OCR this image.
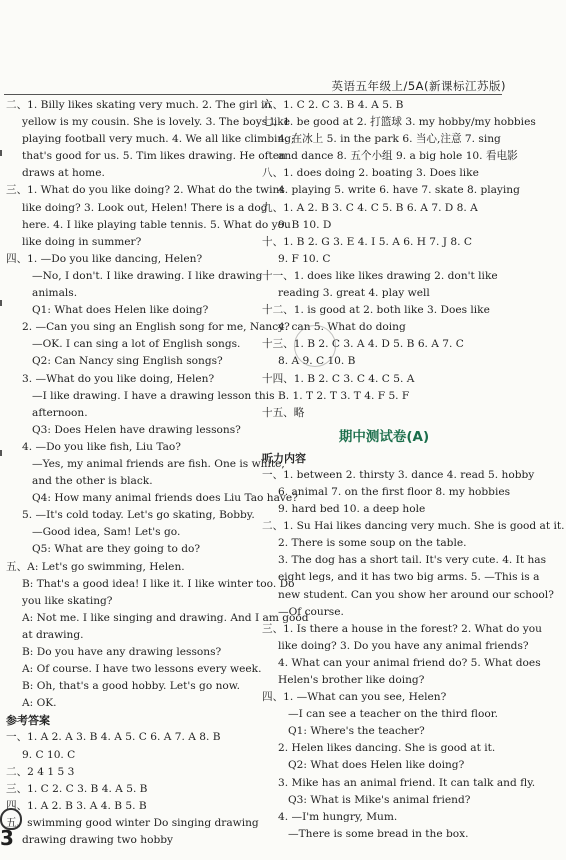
英语五年级上/5A(新课标江苏版)
二、1. Billy likes skating very much. 2. The girl in
yellow is my cousin. She is lovely. 3. The boys like
playing football very much. 4. We all like climbing;
that's good for us. 5. Tim likes drawing. He often
draws at home.
三、1. What do you like doing? 2. What do the twins
like doing? 3. Look out, Helen! There is a dog
here. 4. I like playing table tennis. 5. What do you
like doing in summer?
四、1. —Do you like dancing, Helen?
—No, I don't. I like drawing. I like drawing
animals.
Q1: What does Helen like doing?
2. —Can you sing an English song for me, Nancy?
—OK. I can sing a lot of English songs.
Q2: Can Nancy sing English songs?
3. —What do you like doing, Helen?
—I like drawing. I have a drawing lesson this
afternoon.
Q3: Does Helen have drawing lessons?
4. —Do you like fish, Liu Tao?
—Yes, my animal friends are fish. One is white,
and the other is black.
Q4: How many animal friends does Liu Tao have?
5. —It's cold today. Let's go skating, Bobby.
—Good idea, Sam! Let's go.
Q5: What are they going to do?
五、A: Let's go swimming, Helen.
B: That's a good idea! I like it. I like winter too. Do
you like skating?
A: Not me. I like singing and drawing. And I am good
at drawing.
B: Do you have any drawing lessons?
A: Of course. I have two lessons every week.
B: Oh, that's a good hobby. Let's go now.
A: OK.
参考答案
一、1. A 2. A 3. B 4. A 5. C 6. A 7. A 8. B
9. C 10. C
二、2 4 1 5 3
三、1. C 2. C 3. B 4. A 5. B
四、1. A 2. B 3. A 4. B 5. B
五、swimming good winter Do singing drawing
drawing drawing two hobby
六、1. C 2. C 3. B 4. A 5. B
七、1. be good at 2. 打篮球 3. my hobby/my hobbies
4. 在冰上 5. in the park 6. 当心,注意 7. sing
and dance 8. 五个小组 9. a big hole 10. 看电影
八、1. does doing 2. boating 3. Does like
4. playing 5. write 6. have 7. skate 8. playing
九、1. A 2. B 3. C 4. C 5. B 6. A 7. D 8. A
9. B 10. D
十、1. B 2. G 3. E 4. I 5. A 6. H 7. J 8. C
9. F 10. C
十一、1. does like likes drawing 2. don't like
reading 3. great 4. play well
十二、1. is good at 2. both like 3. Does like
4. can 5. What do doing
十三、1. B 2. C 3. A 4. D 5. B 6. A 7. C
8. A 9. C 10. B
十四、1. B 2. C 3. C 4. C 5. A
B. 1. T 2. T 3. T 4. F 5. F
十五、略
期中测试卷(A)
听力内容
一、1. between 2. thirsty 3. dance 4. read 5. hobby
6. animal 7. on the first floor 8. my hobbies
9. hard bed 10. a deep hole
二、1. Su Hai likes dancing very much. She is good at it.
2. There is some soup on the table.
3. The dog has a short tail. It's very cute. 4. It has
eight legs, and it has two big arms. 5. —This is a
new student. Can you show her around our school?
—Of course.
三、1. Is there a house in the forest? 2. What do you
like doing? 3. Do you have any animal friends?
4. What can your animal friend do? 5. What does
Helen's brother like doing?
四、1. —What can you see, Helen?
—I can see a teacher on the third floor.
Q1: Where's the teacher?
2. Helen likes dancing. She is good at it.
Q2: What does Helen like doing?
3. Mike has an animal friend. It can talk and fly.
Q3: What is Mike's animal friend?
4. —I'm hungry, Mum.
—There is some bread in the box.
3
